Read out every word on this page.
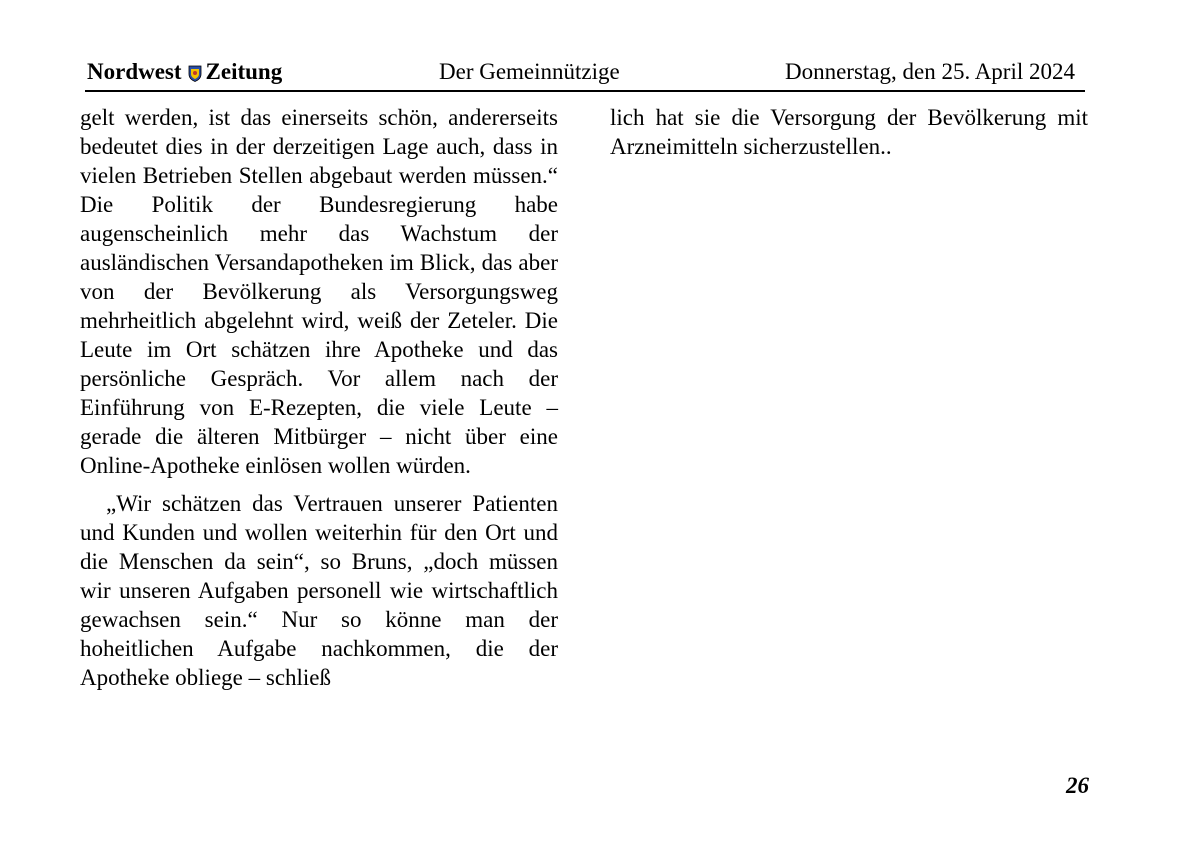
Nordwest Zeitung	Der Gemeinnützige	Donnerstag, den 25. April 2024

gelt werden, ist das einerseits schön, andererseits bedeutet dies in der derzeitigen Lage auch, dass in vielen Betrieben Stellen abgebaut werden müssen.“ Die Politik der Bundesregierung habe augenscheinlich mehr das Wachstum der ausländischen Versandapotheken im Blick, das aber von der Bevölkerung als Versorgungsweg mehrheitlich abgelehnt wird, weiß der Zeteler. Die Leute im Ort schätzen ihre Apotheke und das persönliche Gespräch. Vor allem nach der Einführung von E-Rezepten, die viele Leute – gerade die älteren Mitbürger – nicht über eine Online-Apotheke einlösen wollen würden.

„Wir schätzen das Vertrauen unserer Patienten und Kunden und wollen weiterhin für den Ort und die Menschen da sein“, so Bruns, „doch müssen wir unseren Aufgaben personell wie wirtschaftlich gewachsen sein.“ Nur so könne man der hoheitlichen Aufgabe nachkommen, die der Apotheke obliege – schließ

lich hat sie die Versorgung der Bevölkerung mit Arzneimitteln sicherzustellen..

26
